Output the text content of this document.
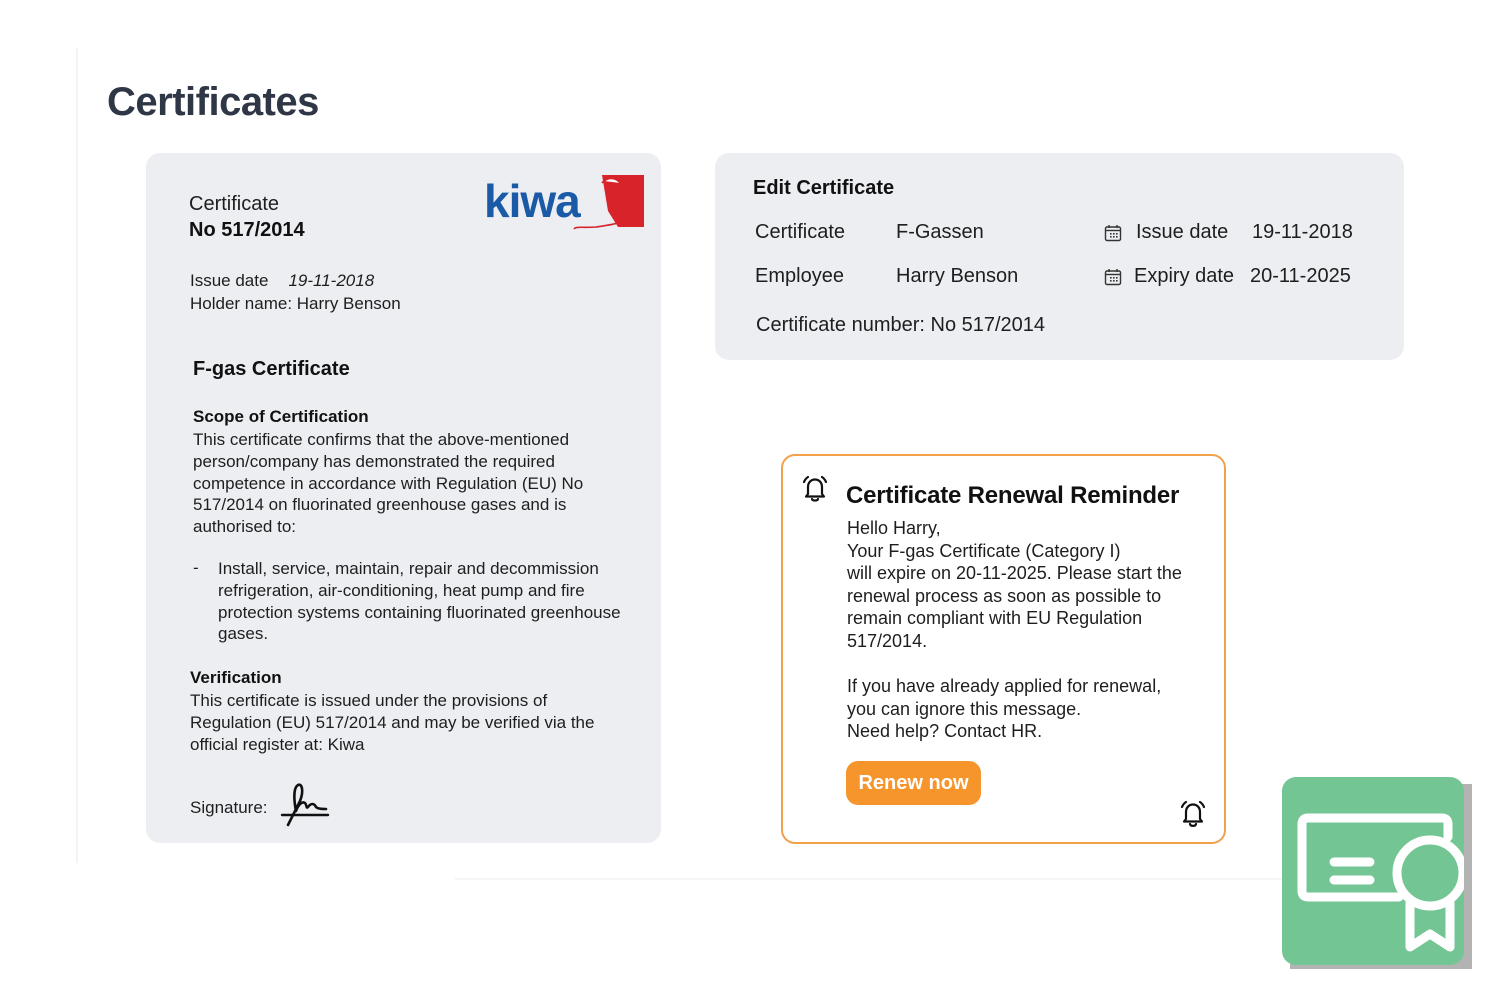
Certificates
Certificate
No 517/2014
kiwa
Issue date 19-11-2018
Holder name: Harry Benson
F-gas Certificate
Scope of Certification
This certificate confirms that the above-mentioned person/company has demonstrated the required competence in accordance with Regulation (EU) No 517/2014 on fluorinated greenhouse gases and is authorised to:
- Install, service, maintain, repair and decommission refrigeration, air-conditioning, heat pump and fire protection systems containing fluorinated greenhouse gases.
Verification
This certificate is issued under the provisions of Regulation (EU) 517/2014 and may be verified via the official register at: Kiwa
Signature:
Edit Certificate
Certificate	F-Gassen
Employee	Harry Benson
Issue date 19-11-2018
Expiry date 20-11-2025
Certificate number: No 517/2014
Certificate Renewal Reminder

Hello Harry,

Your F-gas Certificate (Category I)

will expire on 20-11-2025. Please start the

renewal process as soon as possible to

remain compliant with EU Regulation

517/2014.

If you have already applied for renewal,

you can ignore this message.

Need help? Contact HR.

Renew now
